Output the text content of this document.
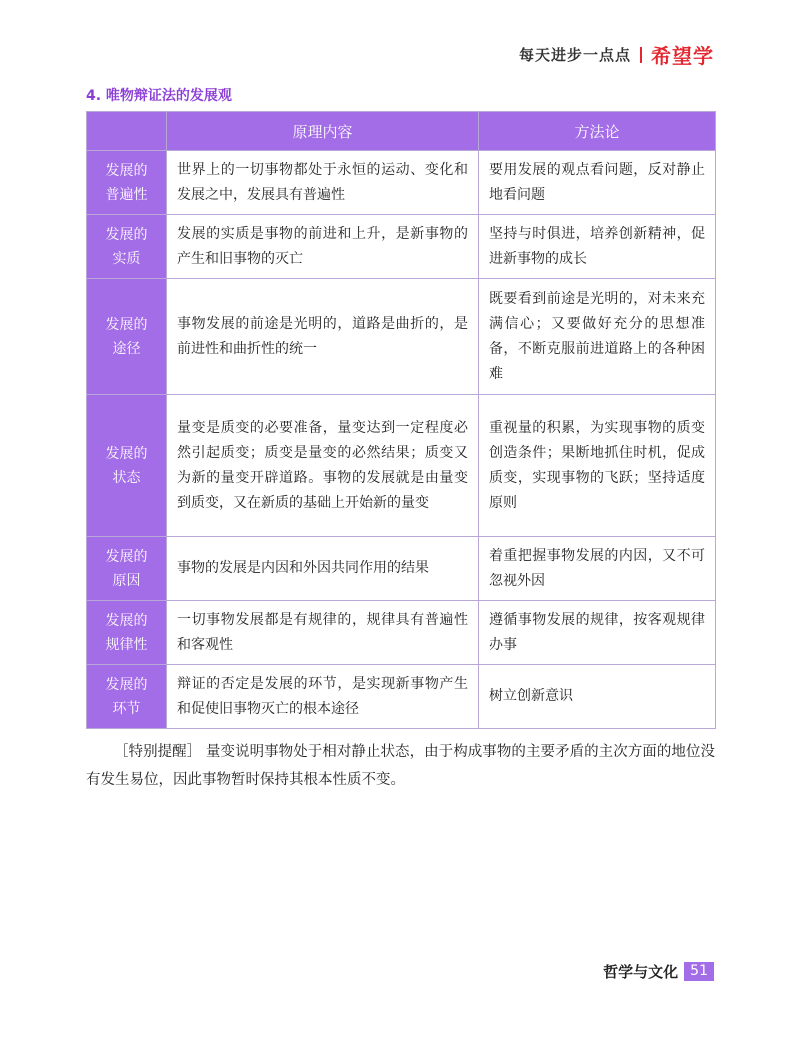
每天进步一点点 希望学
4. 唯物辩证法的发展观
	原理内容	方法论
发展的
普遍性	世界上的一切事物都处于永恒的运动、变化和发展之中，发展具有普遍性	要用发展的观点看问题，反对静止地看问题
发展的
实质	发展的实质是事物的前进和上升，是新事物的产生和旧事物的灭亡	坚持与时俱进，培养创新精神，促进新事物的成长
发展的
途径	事物发展的前途是光明的，道路是曲折的，是前进性和曲折性的统一	既要看到前途是光明的，对未来充满信心；又要做好充分的思想准备，不断克服前进道路上的各种困难
发展的
状态	量变是质变的必要准备，量变达到一定程度必然引起质变；质变是量变的必然结果；质变又为新的量变开辟道路。事物的发展就是由量变到质变，又在新质的基础上开始新的量变	重视量的积累，为实现事物的质变创造条件；果断地抓住时机，促成质变，实现事物的飞跃；坚持适度原则
发展的
原因	事物的发展是内因和外因共同作用的结果	着重把握事物发展的内因，又不可忽视外因
发展的
规律性	一切事物发展都是有规律的，规律具有普遍性和客观性	遵循事物发展的规律，按客观规律办事
发展的
环节	辩证的否定是发展的环节，是实现新事物产生和促使旧事物灭亡的根本途径	树立创新意识
［特别提醒］ 量变说明事物处于相对静止状态，由于构成事物的主要矛盾的主次方面的地位没有发生易位，因此事物暂时保持其根本性质不变。
哲学与文化 51
